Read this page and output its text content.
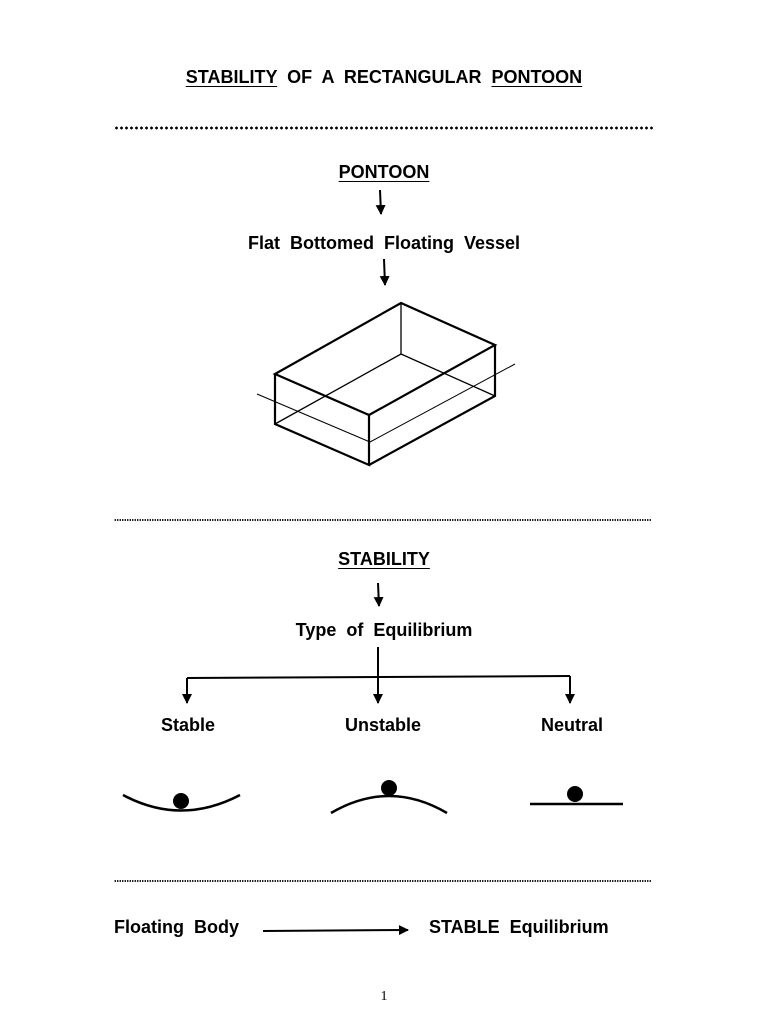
STABILITY OF A RECTANGULAR PONTOON
PONTOON
Flat Bottomed Floating Vessel
STABILITY
Type of Equilibrium
Stable	Unstable	Neutral
Floating Body	STABLE Equilibrium
1
